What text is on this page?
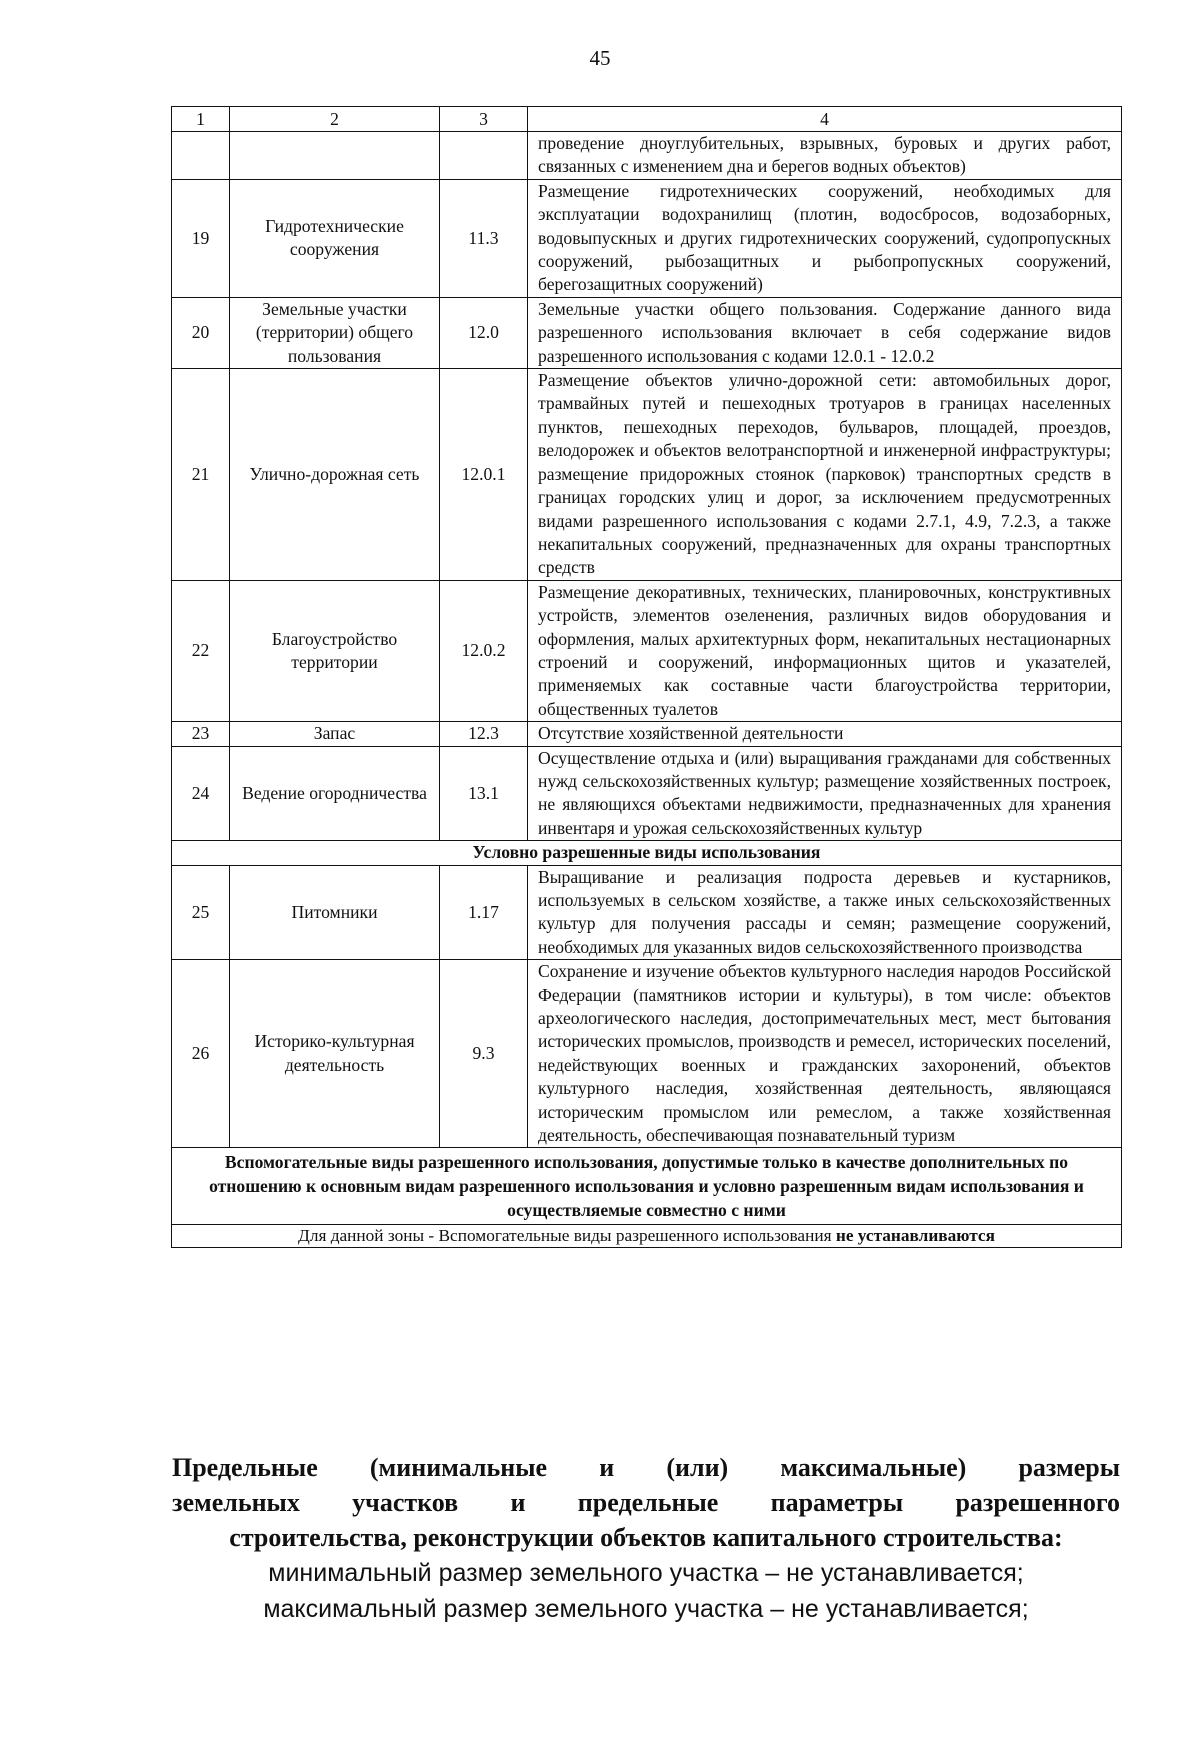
45
1	2	3	4
			проведение дноуглубительных, взрывных, буровых и других работ, связанных с изменением дна и берегов водных объектов)
19	Гидротехнические сооружения	11.3	Размещение гидротехнических сооружений, необходимых для эксплуатации водохранилищ (плотин, водосбросов, водозаборных, водовыпускных и других гидротехнических сооружений, судопропускных сооружений, рыбозащитных и рыбопропускных сооружений, берегозащитных сооружений)
20	Земельные участки (территории) общего пользования	12.0	Земельные участки общего пользования. Содержание данного вида разрешенного использования включает в себя содержание видов разрешенного использования с кодами 12.0.1 - 12.0.2
21	Улично-дорожная сеть	12.0.1	Размещение объектов улично-дорожной сети: автомобильных дорог, трамвайных путей и пешеходных тротуаров в границах населенных пунктов, пешеходных переходов, бульваров, площадей, проездов, велодорожек и объектов велотранспортной и инженерной инфраструктуры; размещение придорожных стоянок (парковок) транспортных средств в границах городских улиц и дорог, за исключением предусмотренных видами разрешенного использования с кодами 2.7.1, 4.9, 7.2.3, а также некапитальных сооружений, предназначенных для охраны транспортных средств
22	Благоустройство территории	12.0.2	Размещение декоративных, технических, планировочных, конструктивных устройств, элементов озеленения, различных видов оборудования и оформления, малых архитектурных форм, некапитальных нестационарных строений и сооружений, информационных щитов и указателей, применяемых как составные части благоустройства территории, общественных туалетов
23	Запас	12.3	Отсутствие хозяйственной деятельности
24	Ведение огородничества	13.1	Осуществление отдыха и (или) выращивания гражданами для собственных нужд сельскохозяйственных культур; размещение хозяйственных построек, не являющихся объектами недвижимости, предназначенных для хранения инвентаря и урожая сельскохозяйственных культур
Условно разрешенные виды использования			
25	Питомники	1.17	Выращивание и реализация подроста деревьев и кустарников, используемых в сельском хозяйстве, а также иных сельскохозяйственных культур для получения рассады и семян; размещение сооружений, необходимых для указанных видов сельскохозяйственного производства
26	Историко-культурная деятельность	9.3	Сохранение и изучение объектов культурного наследия народов Российской Федерации (памятников истории и культуры), в том числе: объектов археологического наследия, достопримечательных мест, мест бытования исторических промыслов, производств и ремесел, исторических поселений, недействующих военных и гражданских захоронений, объектов культурного наследия, хозяйственная деятельность, являющаяся историческим промыслом или ремеслом, а также хозяйственная деятельность, обеспечивающая познавательный туризм
Вспомогательные виды разрешенного использования, допустимые только в качестве дополнительных по отношению к основным видам разрешенного использования и условно разрешенным видам использования и осуществляемые совместно с ними			
Для данной зоны - Вспомогательные виды разрешенного использования не устанавливаются			
Предельные (минимальные и (или) максимальные) размеры
земельных участков и предельные параметры разрешенного
строительства, реконструкции объектов капитального строительства:
минимальный размер земельного участка – не устанавливается;
максимальный размер земельного участка – не устанавливается;
